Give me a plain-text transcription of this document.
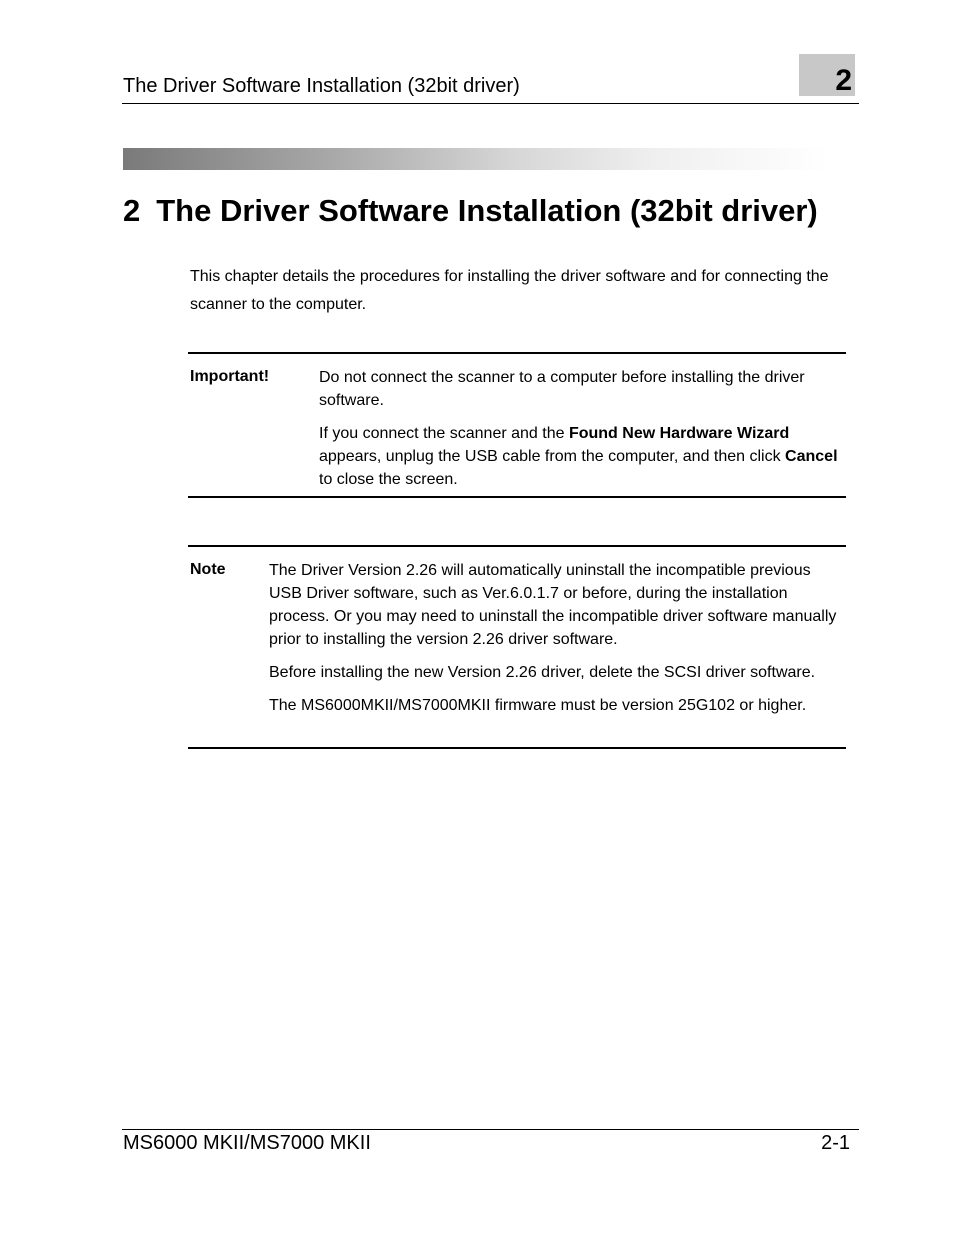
The Driver Software Installation (32bit driver)	2
2 The Driver Software Installation (32bit driver)

This chapter details the procedures for installing the driver software and for connecting the scanner to the computer.

Important!	Do not connect the scanner to a computer before installing the driver software.

If you connect the scanner and the Found New Hardware Wizard appears, unplug the USB cable from the computer, and then click Cancel to close the screen.

Note	The Driver Version 2.26 will automatically uninstall the incompatible previous USB Driver software, such as Ver.6.0.1.7 or before, during the installation process. Or you may need to uninstall the incompatible driver software manually prior to installing the version 2.26 driver software.

Before installing the new Version 2.26 driver, delete the SCSI driver software.

The MS6000MKII/MS7000MKII firmware must be version 25G102 or higher.

MS6000 MKII/MS7000 MKII	2-1
